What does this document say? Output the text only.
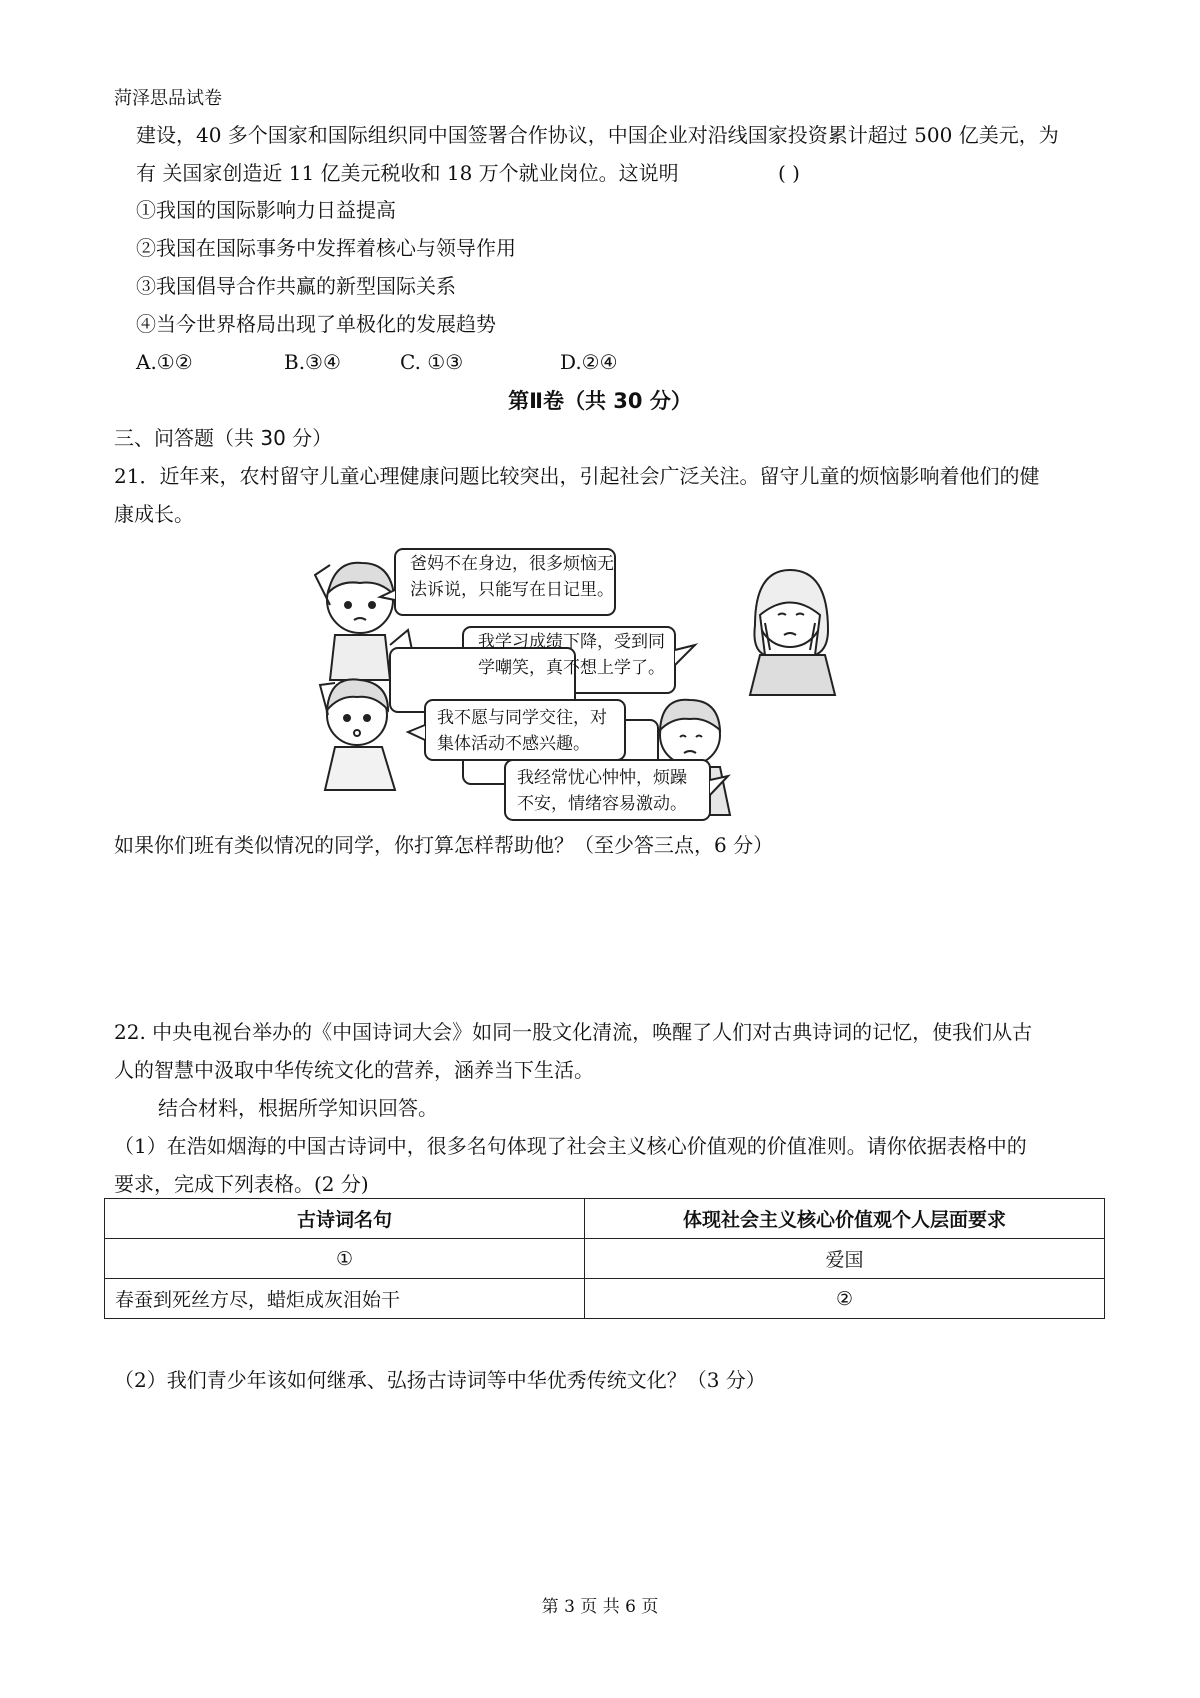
菏泽思品试卷
建设，40 多个国家和国际组织同中国签署合作协议，中国企业对沿线国家投资累计超过 500 亿美元，为
有 关国家创造近 11 亿美元税收和 18 万个就业岗位。这说明	( )
①我国的国际影响力日益提高
②我国在国际事务中发挥着核心与领导作用
③我国倡导合作共赢的新型国际关系
④当今世界格局出现了单极化的发展趋势
A.①②	B.③④	C. ①③	D.②④
第Ⅱ卷（共 30 分）
三、问答题（共 30 分）
21．近年来，农村留守儿童心理健康问题比较突出，引起社会广泛关注。留守儿童的烦恼影响着他们的健
康成长。
爸妈不在身边，很多烦恼无
法诉说，只能写在日记里。
我学习成绩下降，受到同
学嘲笑，真不想上学了。
我不愿与同学交往，对
集体活动不感兴趣。
我经常忧心忡忡，烦躁
不安，情绪容易激动。
如果你们班有类似情况的同学，你打算怎样帮助他？（至少答三点，6 分）
22. 中央电视台举办的《中国诗词大会》如同一股文化清流，唤醒了人们对古典诗词的记忆，使我们从古
人的智慧中汲取中华传统文化的营养，涵养当下生活。
结合材料，根据所学知识回答。
（1）在浩如烟海的中国古诗词中，很多名句体现了社会主义核心价值观的价值准则。请你依据表格中的
要求，完成下列表格。(2 分)
古诗词名句	体现社会主义核心价值观个人层面要求
①	爱国
春蚕到死丝方尽，蜡炬成灰泪始干	②
（2）我们青少年该如何继承、弘扬古诗词等中华优秀传统文化？（3 分）
第 3 页 共 6 页
